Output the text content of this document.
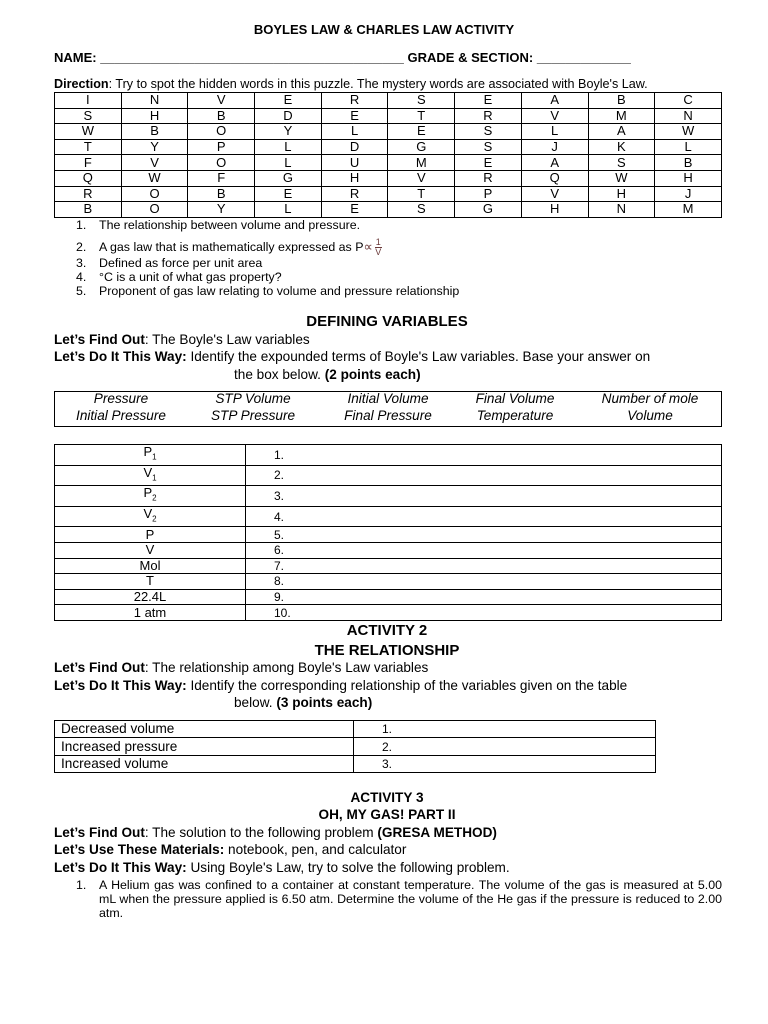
BOYLES LAW & CHARLES LAW ACTIVITY
NAME: __________________________________________ GRADE & SECTION: _____________
Direction: Try to spot the hidden words in this puzzle. The mystery words are associated with Boyle's Law.
I	N	V	E	R	S	E	A	B	C
S	H	B	D	E	T	R	V	M	N
W	B	O	Y	L	E	S	L	A	W
T	Y	P	L	D	G	S	J	K	L
F	V	O	L	U	M	E	A	S	B
Q	W	F	G	H	V	R	Q	W	H
R	O	B	E	R	T	P	V	H	J
B	O	Y	L	E	S	G	H	N	M
1. The relationship between volume and pressure.
2. A gas law that is mathematically expressed as $P\propto \frac{1}{V}$
3. Defined as force per unit area
4. °C is a unit of what gas property?
5. Proponent of gas law relating to volume and pressure relationship
DEFINING VARIABLES
Let’s Find Out: The Boyle's Law variables
Let’s Do It This Way: Identify the expounded terms of Boyle's Law variables. Base your answer on
the box below. (2 points each)
Pressure	STP Volume	Initial Volume	Final Volume	Number of mole
Initial Pressure	STP Pressure	Final Pressure	Temperature	Volume
$P_1$	1.
$V_1$	2.
$P_2$	3.
$V_2$	4.
P	5.
V	6.
Mol	7.
T	8.
22.4L	9.
1 atm	10.
ACTIVITY 2
THE RELATIONSHIP
Let’s Find Out: The relationship among Boyle's Law variables
Let’s Do It This Way: Identify the corresponding relationship of the variables given on the table
below. (3 points each)
Decreased volume	1.
Increased pressure	2.
Increased volume	3.
ACTIVITY 3
OH, MY GAS! PART II
Let’s Find Out: The solution to the following problem (GRESA METHOD)
Let’s Use These Materials: notebook, pen, and calculator
Let’s Do It This Way: Using Boyle's Law, try to solve the following problem.
1. A Helium gas was confined to a container at constant temperature. The volume of the gas is measured at 5.00 mL when the pressure applied is 6.50 atm. Determine the volume of the He gas if the pressure is reduced to 2.00 atm.
